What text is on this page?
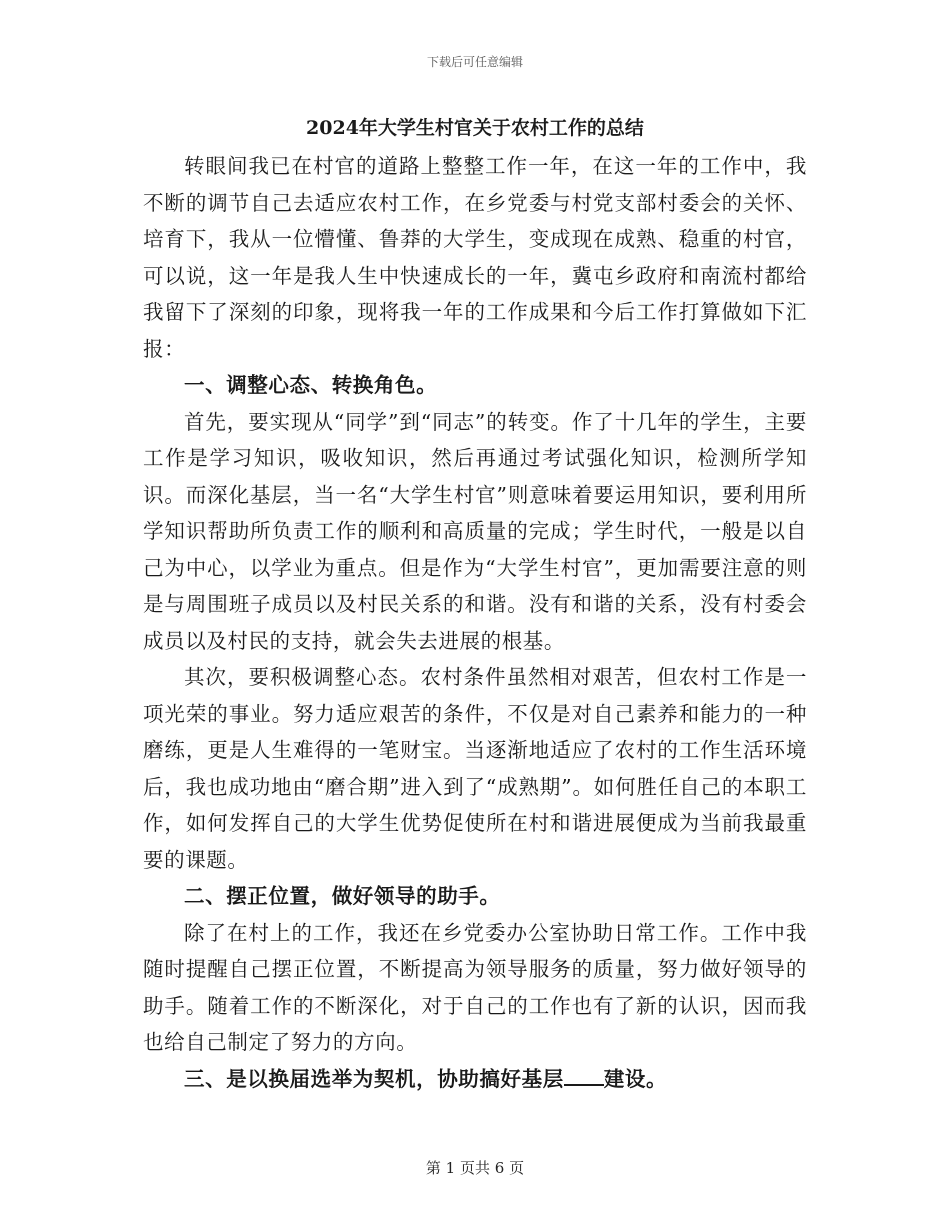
下载后可任意编辑
2024年大学生村官关于农村工作的总结

转眼间我已在村官的道路上整整工作一年，在这一年的工作中，我不断的调节自己去适应农村工作，在乡党委与村党支部村委会的关怀、培育下，我从一位懵懂、鲁莽的大学生，变成现在成熟、稳重的村官，可以说，这一年是我人生中快速成长的一年，冀屯乡政府和南流村都给我留下了深刻的印象，现将我一年的工作成果和今后工作打算做如下汇报：

一、调整心态、转换角色。

首先，要实现从“同学”到“同志”的转变。作了十几年的学生，主要工作是学习知识，吸收知识，然后再通过考试强化知识，检测所学知识。而深化基层，当一名“大学生村官”则意味着要运用知识，要利用所学知识帮助所负责工作的顺利和高质量的完成；学生时代，一般是以自己为中心，以学业为重点。但是作为“大学生村官”，更加需要注意的则是与周围班子成员以及村民关系的和谐。没有和谐的关系，没有村委会成员以及村民的支持，就会失去进展的根基。

其次，要积极调整心态。农村条件虽然相对艰苦，但农村工作是一项光荣的事业。努力适应艰苦的条件，不仅是对自己素养和能力的一种磨练，更是人生难得的一笔财宝。当逐渐地适应了农村的工作生活环境后，我也成功地由“磨合期”进入到了“成熟期”。如何胜任自己的本职工作，如何发挥自己的大学生优势促使所在村和谐进展便成为当前我最重要的课题。

二、摆正位置，做好领导的助手。

除了在村上的工作，我还在乡党委办公室协助日常工作。工作中我随时提醒自己摆正位置，不断提高为领导服务的质量，努力做好领导的助手。随着工作的不断深化，对于自己的工作也有了新的认识，因而我也给自己制定了努力的方向。

三、是以换届选举为契机，协助搞好基层 建设。

第 1 页共 6 页
